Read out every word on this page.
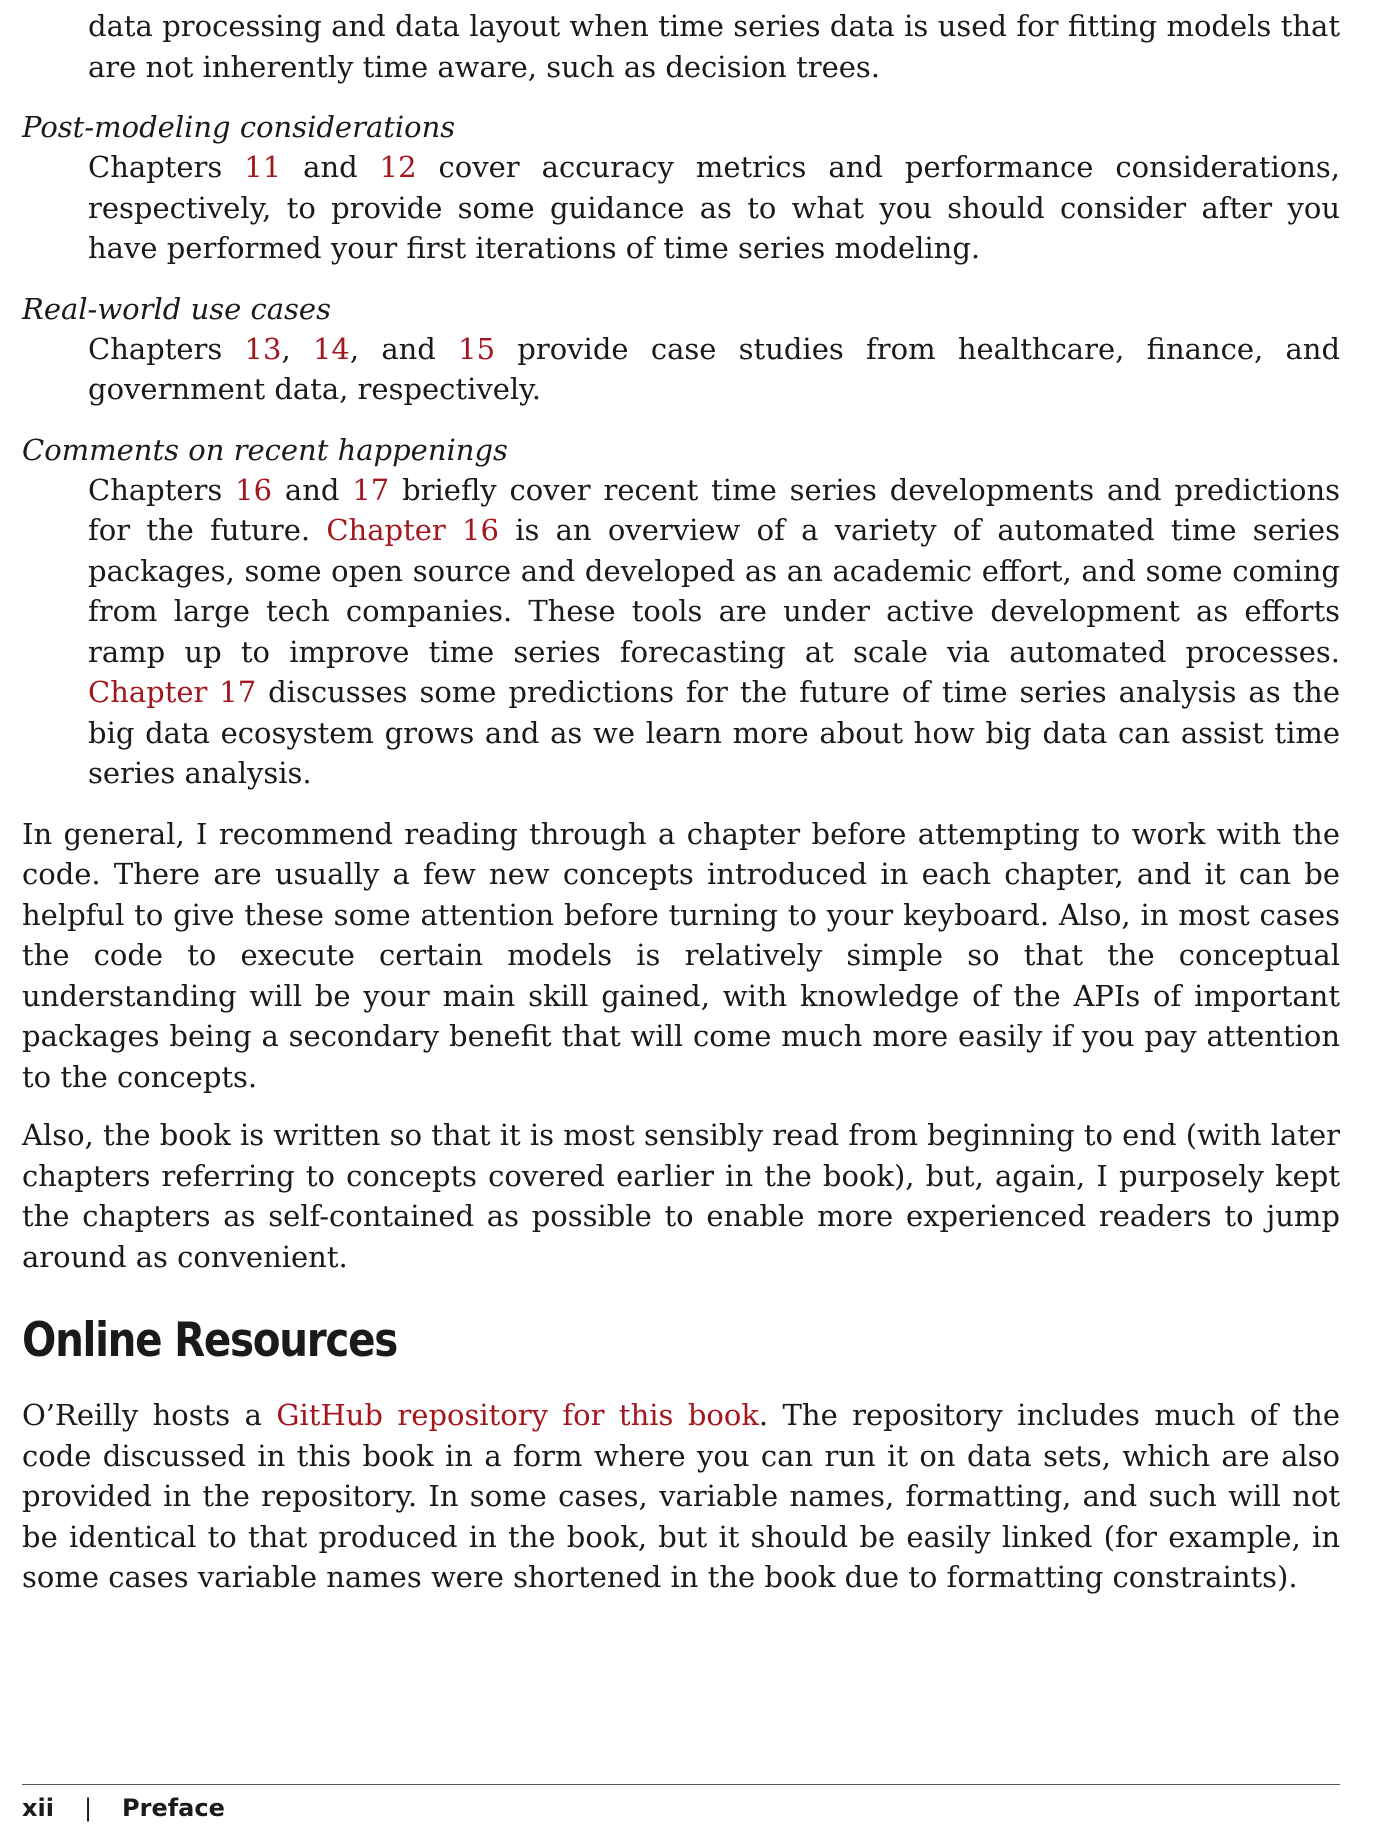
data processing and data layout when time series data is used for fitting models that are not inherently time aware, such as decision trees.

Post-modeling considerations

Chapters 11 and 12 cover accuracy metrics and performance considerations, respectively, to provide some guidance as to what you should consider after you have performed your first iterations of time series modeling.

Real-world use cases

Chapters 13, 14, and 15 provide case studies from healthcare, finance, and government data, respectively.

Comments on recent happenings

Chapters 16 and 17 briefly cover recent time series developments and predictions for the future. Chapter 16 is an overview of a variety of automated time series packages, some open source and developed as an academic effort, and some coming from large tech companies. These tools are under active development as efforts ramp up to improve time series forecasting at scale via automated processes. Chapter 17 discusses some predictions for the future of time series analysis as the big data ecosystem grows and as we learn more about how big data can assist time series analysis.

In general, I recommend reading through a chapter before attempting to work with the code. There are usually a few new concepts introduced in each chapter, and it can be helpful to give these some attention before turning to your keyboard. Also, in most cases the code to execute certain models is relatively simple so that the conceptual understanding will be your main skill gained, with knowledge of the APIs of important packages being a secondary benefit that will come much more easily if you pay attention to the concepts.

Also, the book is written so that it is most sensibly read from beginning to end (with later chapters referring to concepts covered earlier in the book), but, again, I purposely kept the chapters as self-contained as possible to enable more experienced readers to jump around as convenient.

Online Resources

O’Reilly hosts a GitHub repository for this book. The repository includes much of the code discussed in this book in a form where you can run it on data sets, which are also provided in the repository. In some cases, variable names, formatting, and such will not be identical to that produced in the book, but it should be easily linked (for example, in some cases variable names were shortened in the book due to formatting constraints).

xii | Preface
